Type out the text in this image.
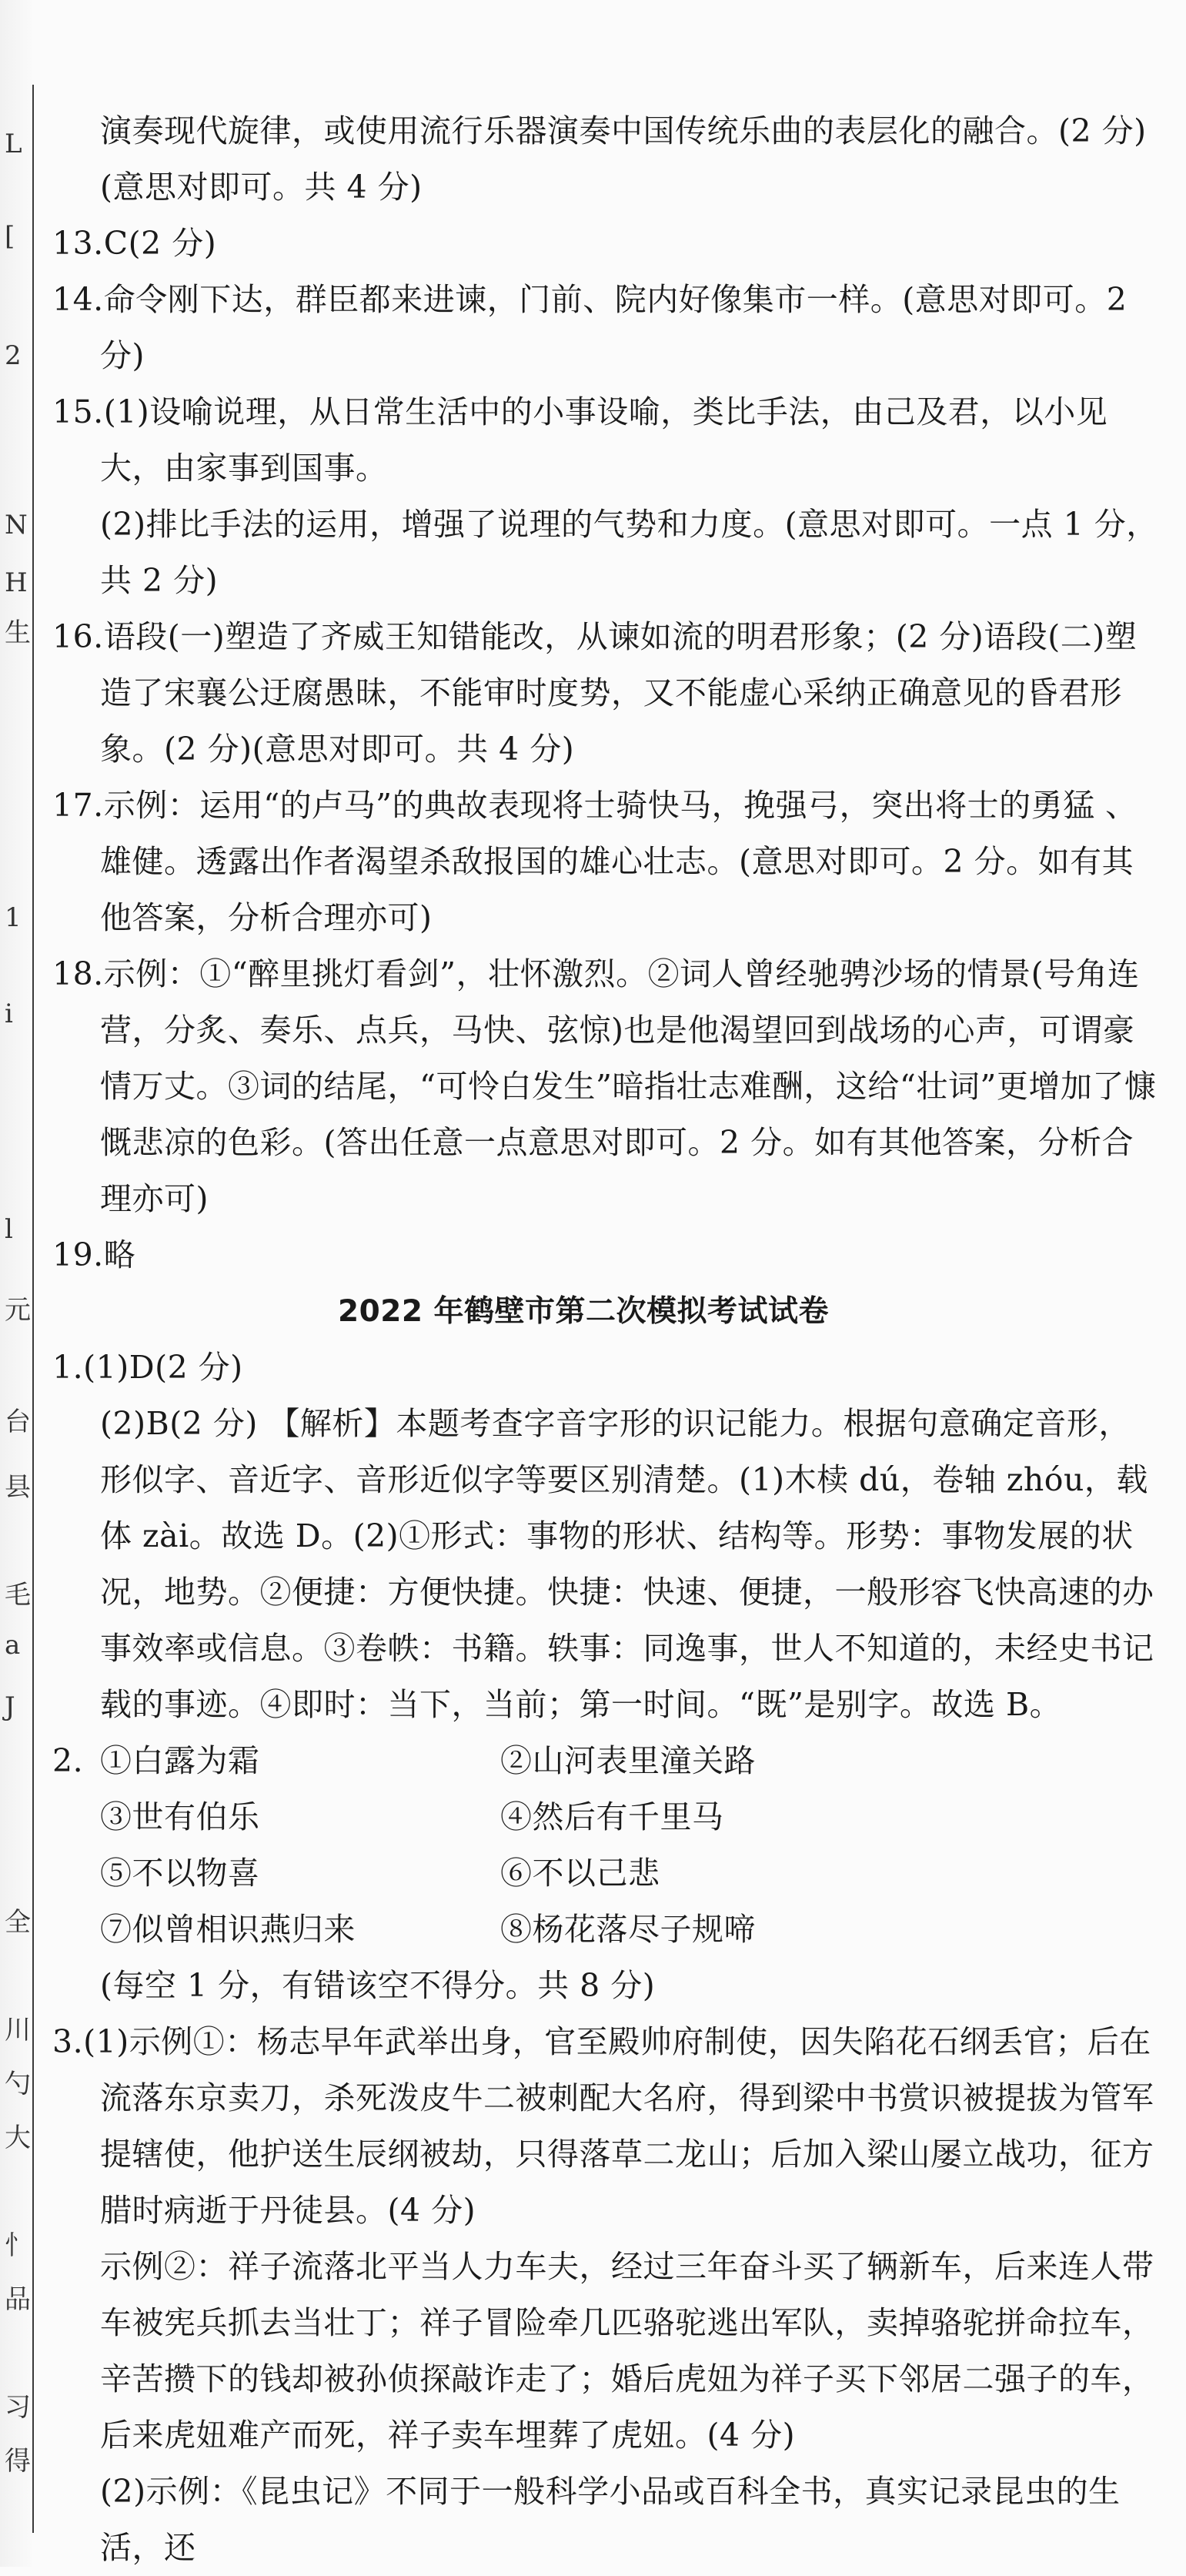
L
[
2
N
H
生
1
i
l
元
台
县
毛
a
J
全
川
勺
大
忄
品
习
得

演奏现代旋律，或使用流行乐器演奏中国传统乐曲的表层化的融合。(2 分)

(意思对即可。共 4 分)

13.C(2 分)

14.命令刚下达，群臣都来进谏，门前、院内好像集市一样。(意思对即可。2 分)

15.(1)设喻说理，从日常生活中的小事设喻，类比手法，由己及君，以小见大，由家事到国事。

(2)排比手法的运用，增强了说理的气势和力度。(意思对即可。一点 1 分，共 2 分)

16.语段(一)塑造了齐威王知错能改，从谏如流的明君形象；(2 分)语段(二)塑造了宋襄公迂腐愚昧，不能审时度势，又不能虚心采纳正确意见的昏君形象。(2 分)(意思对即可。共 4 分)

17.示例：运用“的卢马”的典故表现将士骑快马，挽强弓，突出将士的勇猛 、雄健。透露出作者渴望杀敌报国的雄心壮志。(意思对即可。2 分。如有其他答案，分析合理亦可)

18.示例：①“醉里挑灯看剑”，壮怀激烈。②词人曾经驰骋沙场的情景(号角连营，分炙、奏乐、点兵，马快、弦惊)也是他渴望回到战场的心声，可谓豪情万丈。③词的结尾，“可怜白发生”暗指壮志难酬，这给“壮词”更增加了慷慨悲凉的色彩。(答出任意一点意思对即可。2 分。如有其他答案，分析合理亦可)

19.略

2022 年鹤壁市第二次模拟考试试卷

1.(1)D(2 分)

(2)B(2 分) 【解析】本题考查字音字形的识记能力。根据句意确定音形，形似字、音近字、音形近似字等要区别清楚。(1)木椟 dú，卷轴 zhóu，载体 zài。故选 D。(2)①形式：事物的形状、结构等。形势：事物发展的状况，地势。②便捷：方便快捷。快捷：快速、便捷，一般形容飞快高速的办事效率或信息。③卷帙：书籍。轶事：同逸事，世人不知道的，未经史书记载的事迹。④即时：当下，当前；第一时间。“既”是别字。故选 B。

2. ①白露为霜	②山河表里潼关路
③世有伯乐	④然后有千里马
⑤不以物喜	⑥不以己悲
⑦似曾相识燕归来	⑧杨花落尽子规啼

(每空 1 分，有错该空不得分。共 8 分)

3.(1)示例①：杨志早年武举出身，官至殿帅府制使，因失陷花石纲丢官；后在流落东京卖刀，杀死泼皮牛二被刺配大名府，得到梁中书赏识被提拔为管军提辖使，他护送生辰纲被劫，只得落草二龙山；后加入梁山屡立战功，征方腊时病逝于丹徒县。(4 分)

示例②：祥子流落北平当人力车夫，经过三年奋斗买了辆新车，后来连人带车被宪兵抓去当壮丁；祥子冒险牵几匹骆驼逃出军队，卖掉骆驼拼命拉车，辛苦攒下的钱却被孙侦探敲诈走了；婚后虎妞为祥子买下邻居二强子的车，后来虎妞难产而死，祥子卖车埋葬了虎妞。(4 分)

(2)示例：《昆虫记》不同于一般科学小品或百科全书，真实记录昆虫的生活，还
